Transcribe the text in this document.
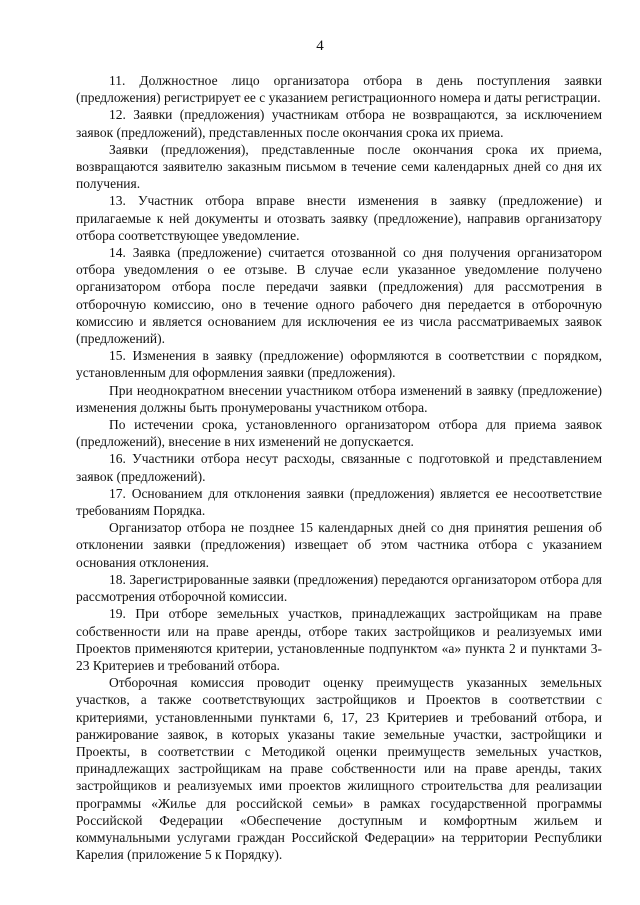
4

11. Должностное лицо организатора отбора в день поступления заявки (предложения) регистрирует ее с указанием регистрационного номера и даты регистрации.

12. Заявки (предложения) участникам отбора не возвращаются, за исключением заявок (предложений), представленных после окончания срока их приема.

Заявки (предложения), представленные после окончания срока их приема, возвращаются заявителю заказным письмом в течение семи календарных дней со дня их получения.

13. Участник отбора вправе внести изменения в заявку (предложение) и прилагаемые к ней документы и отозвать заявку (предложение), направив организатору отбора соответствующее уведомление.

14. Заявка (предложение) считается отозванной со дня получения организатором отбора уведомления о ее отзыве. В случае если указанное уведомление получено организатором отбора после передачи заявки (предложения) для рассмотрения в отборочную комиссию, оно в течение одного рабочего дня передается в отборочную комиссию и является основанием для исключения ее из числа рассматриваемых заявок (предложений).

15. Изменения в заявку (предложение) оформляются в соответствии с порядком, установленным для оформления заявки (предложения).

При неоднократном внесении участником отбора изменений в заявку (предложение) изменения должны быть пронумерованы участником отбора.

По истечении срока, установленного организатором отбора для приема заявок (предложений), внесение в них изменений не допускается.

16. Участники отбора несут расходы, связанные с подготовкой и представлением заявок (предложений).

17. Основанием для отклонения заявки (предложения) является ее несоответствие требованиям Порядка.

Организатор отбора не позднее 15 календарных дней со дня принятия решения об отклонении заявки (предложения) извещает об этом частника отбора с указанием основания отклонения.

18. Зарегистрированные заявки (предложения) передаются организатором отбора для рассмотрения отборочной комиссии.

19. При отборе земельных участков, принадлежащих застройщикам на праве собственности или на праве аренды, отборе таких застройщиков и реализуемых ими Проектов применяются критерии, установленные подпунктом «а» пункта 2 и пунктами 3-23 Критериев и требований отбора.

Отборочная комиссия проводит оценку преимуществ указанных земельных участков, а также соответствующих застройщиков и Проектов в соответствии с критериями, установленными пунктами 6, 17, 23 Критериев и требований отбора, и ранжирование заявок, в которых указаны такие земельные участки, застройщики и Проекты, в соответствии с Методикой оценки преимуществ земельных участков, принадлежащих застройщикам на праве собственности или на праве аренды, таких застройщиков и реализуемых ими проектов жилищного строительства для реализации программы «Жилье для российской семьи» в рамках государственной программы Российской Федерации «Обеспечение доступным и комфортным жильем и коммунальными услугами граждан Российской Федерации» на территории Республики Карелия (приложение 5 к Порядку).
